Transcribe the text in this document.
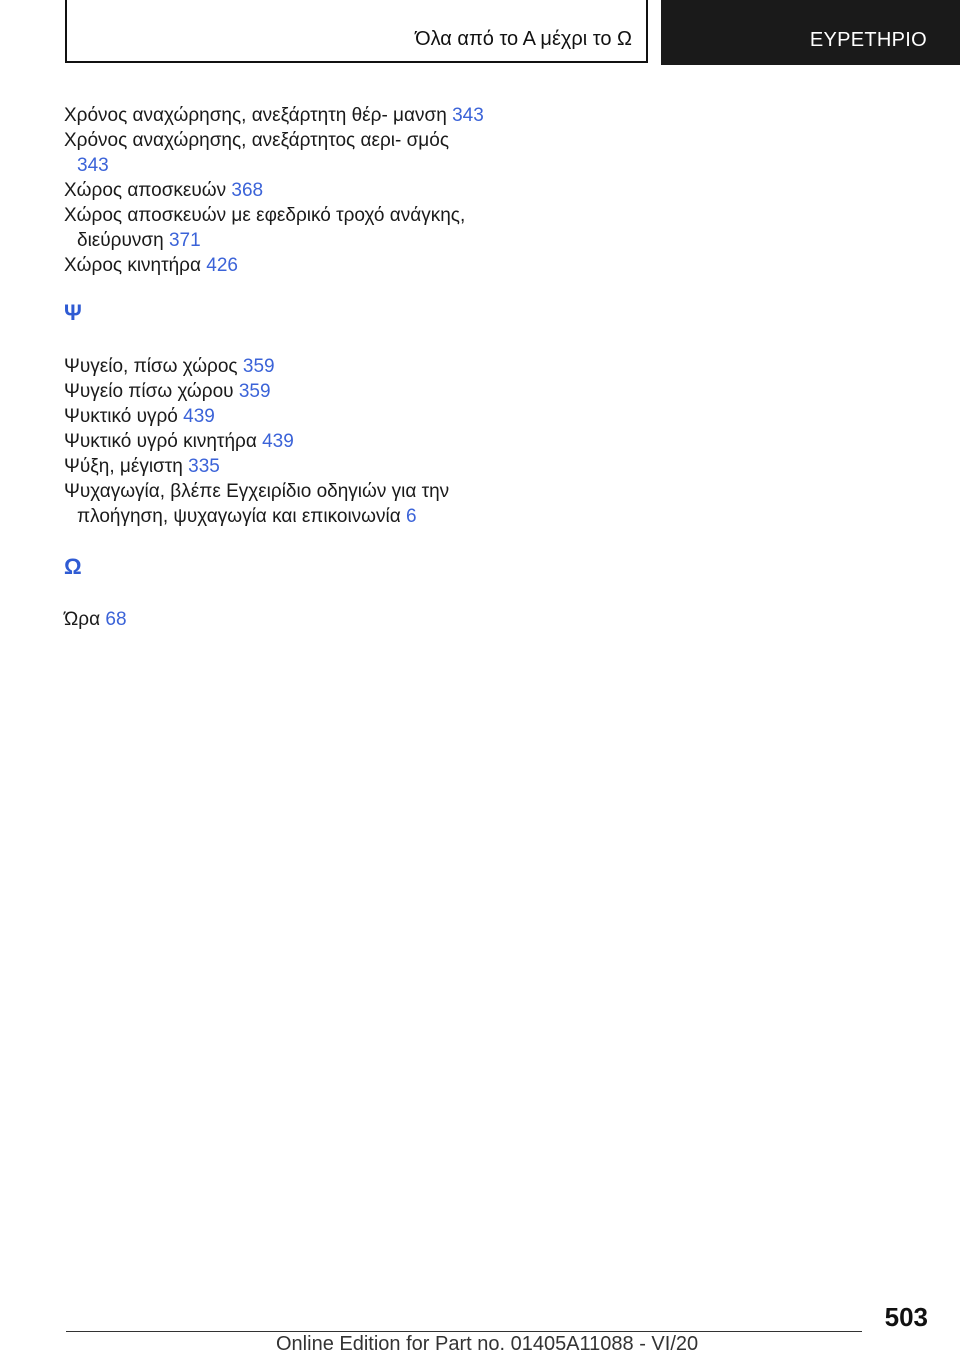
Όλα από το Α μέχρι το Ω	ΕΥΡΕΤΗΡΙΟ
Χρόνος αναχώρησης, ανεξάρτητη θέρ‐ μανση 343
Χρόνος αναχώρησης, ανεξάρτητος αερι‐ σμός 343
Χώρος αποσκευών 368
Χώρος αποσκευών με εφεδρικό τροχό ανάγκης, διεύρυνση 371
Χώρος κινητήρα 426
Ψ
Ψυγείο, πίσω χώρος 359
Ψυγείο πίσω χώρου 359
Ψυκτικό υγρό 439
Ψυκτικό υγρό κινητήρα 439
Ψύξη, μέγιστη 335
Ψυχαγωγία, βλέπε Εγχειρίδιο οδηγιών για την πλοήγηση, ψυχαγωγία και επικοινωνία 6
Ω
Ώρα 68
503
Online Edition for Part no. 01405A11088 - VI/20
